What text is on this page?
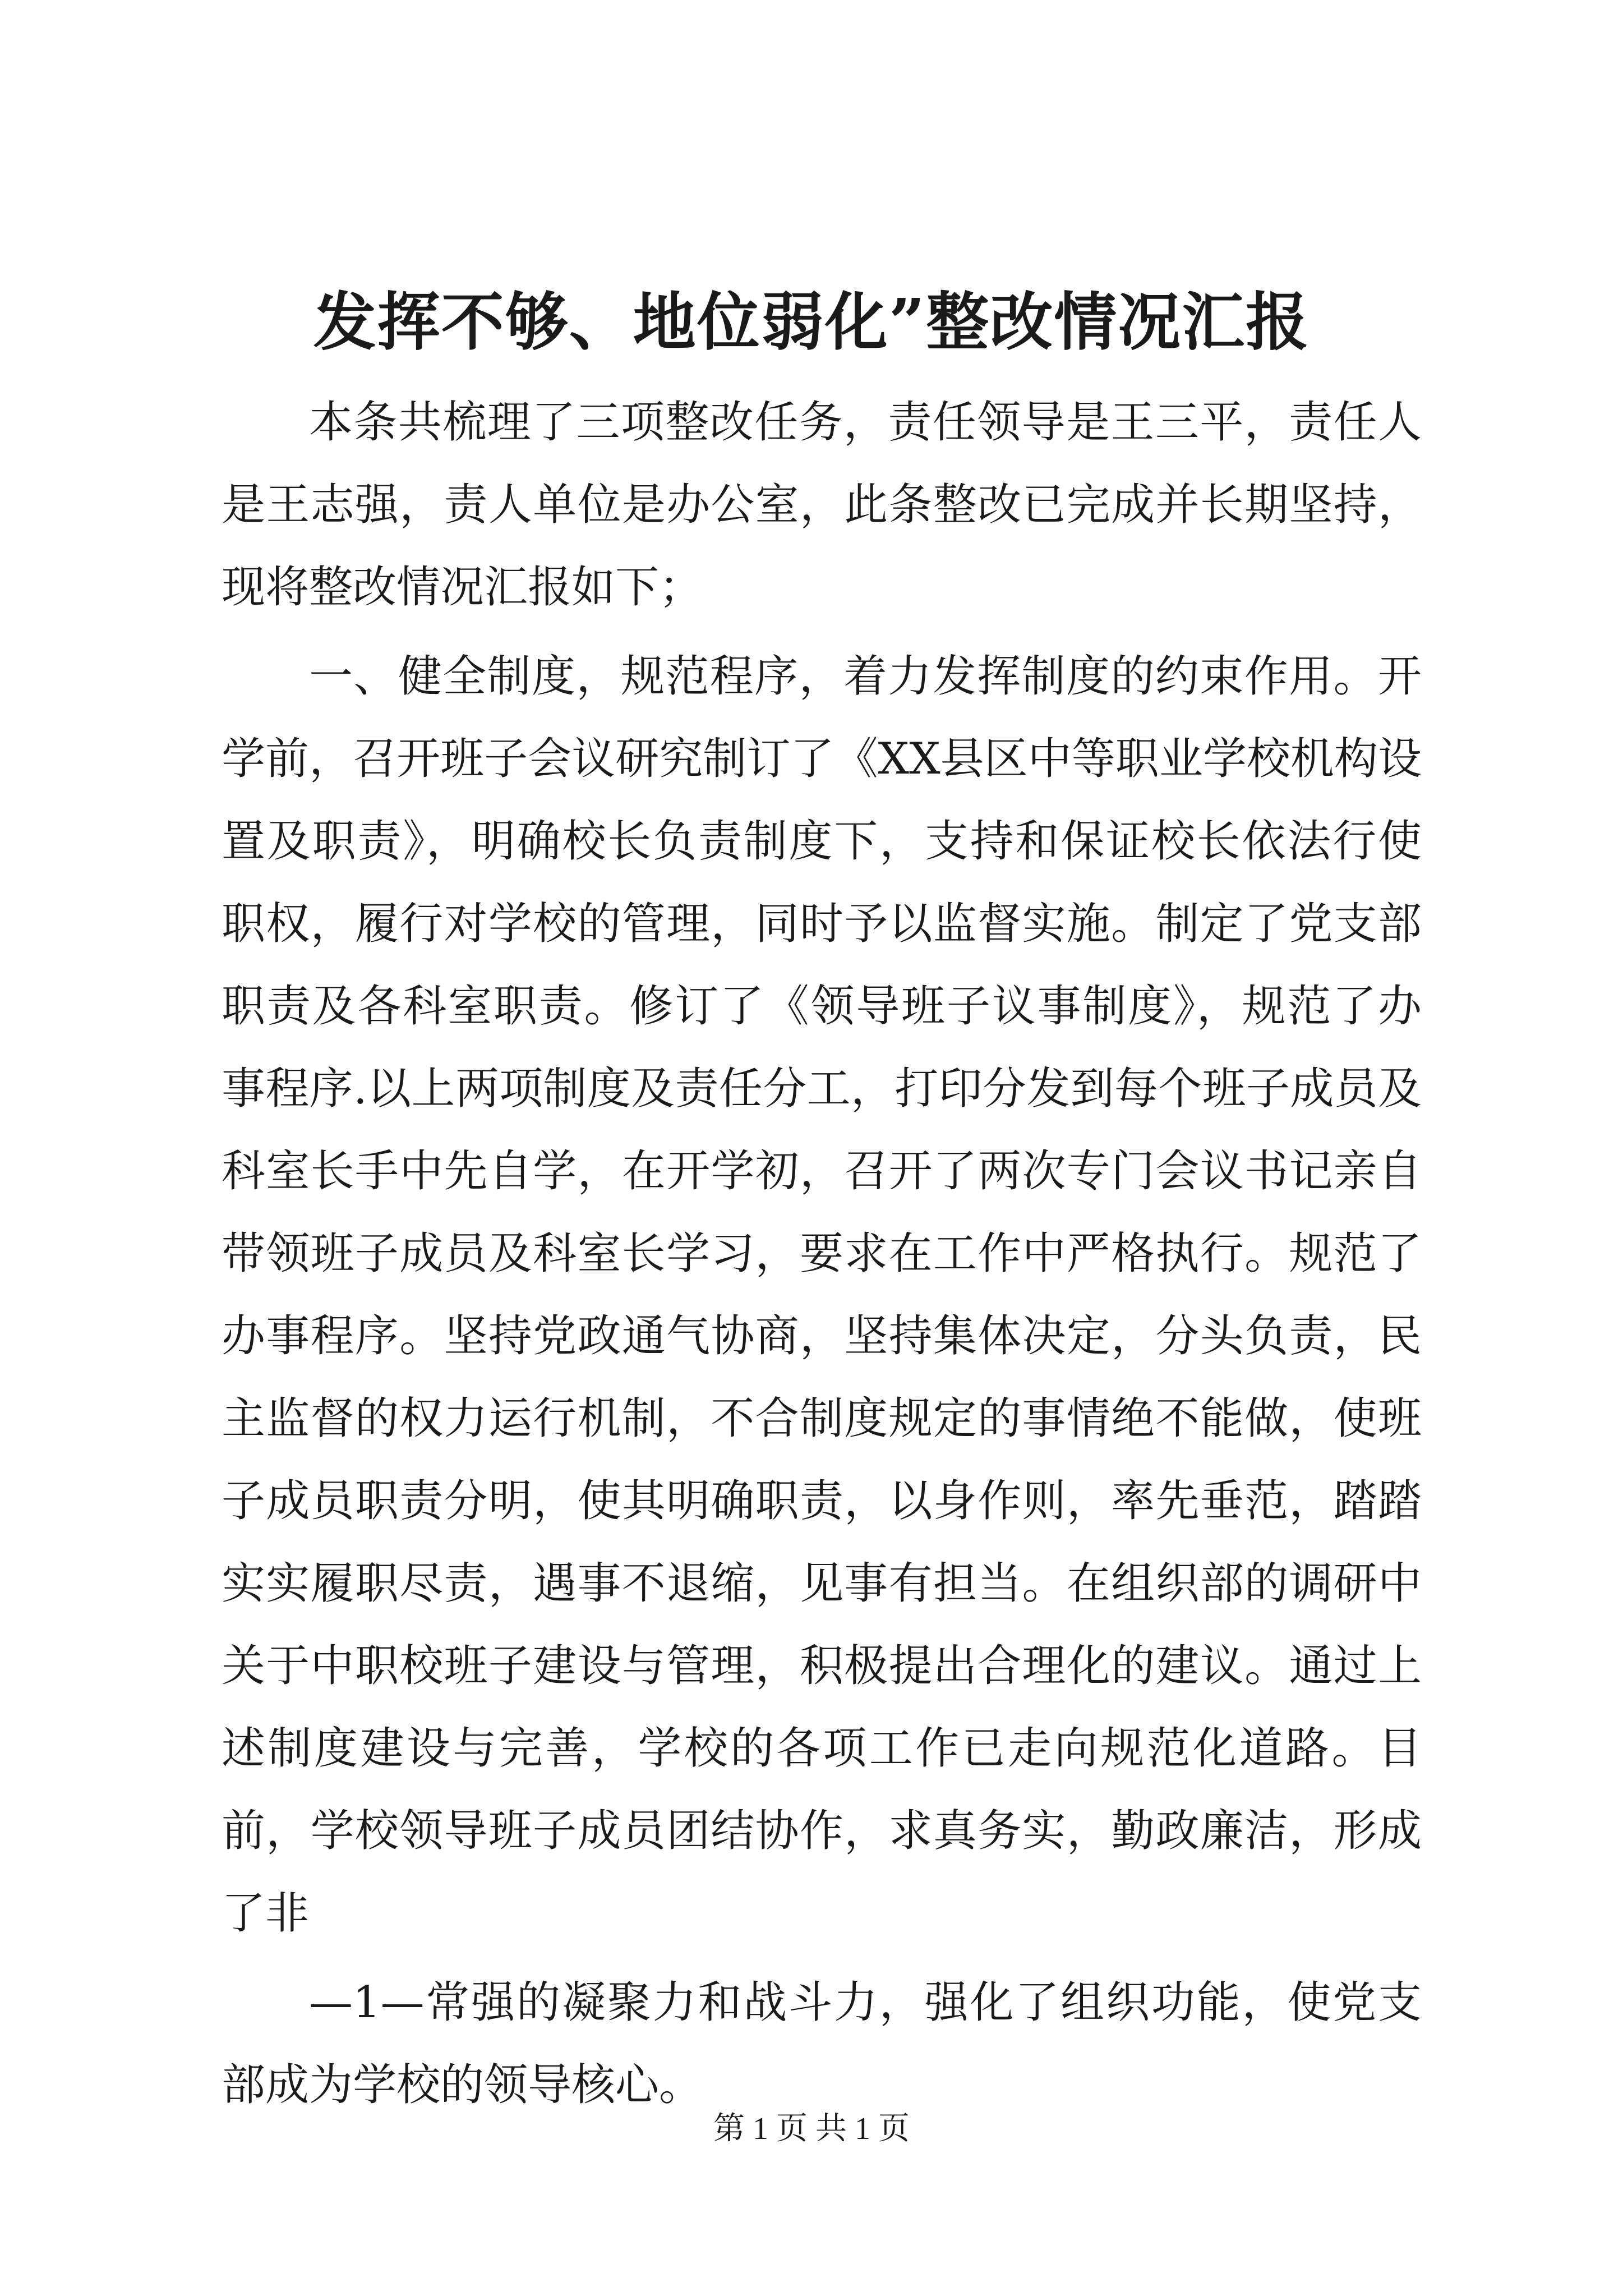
发挥不够、地位弱化”整改情况汇报

本条共梳理了三项整改任务，责任领导是王三平，责任人是王志强，责人单位是办公室，此条整改已完成并长期坚持，现将整改情况汇报如下；

一、健全制度，规范程序，着力发挥制度的约束作用。开学前，召开班子会议研究制订了《XX县区中等职业学校机构设置及职责》，明确校长负责制度下，支持和保证校长依法行使职权，履行对学校的管理，同时予以监督实施。制定了党支部职责及各科室职责。修订了《领导班子议事制度》，规范了办事程序.以上两项制度及责任分工，打印分发到每个班子成员及科室长手中先自学，在开学初，召开了两次专门会议书记亲自带领班子成员及科室长学习，要求在工作中严格执行。规范了办事程序。坚持党政通气协商，坚持集体决定，分头负责，民主监督的权力运行机制，不合制度规定的事情绝不能做，使班子成员职责分明，使其明确职责，以身作则，率先垂范，踏踏实实履职尽责，遇事不退缩，见事有担当。在组织部的调研中关于中职校班子建设与管理，积极提出合理化的建议。通过上述制度建设与完善，学校的各项工作已走向规范化道路。目前，学校领导班子成员团结协作，求真务实，勤政廉洁，形成了非

—1—常强的凝聚力和战斗力，强化了组织功能，使党支部成为学校的领导核心。

第 1 页 共 1 页
